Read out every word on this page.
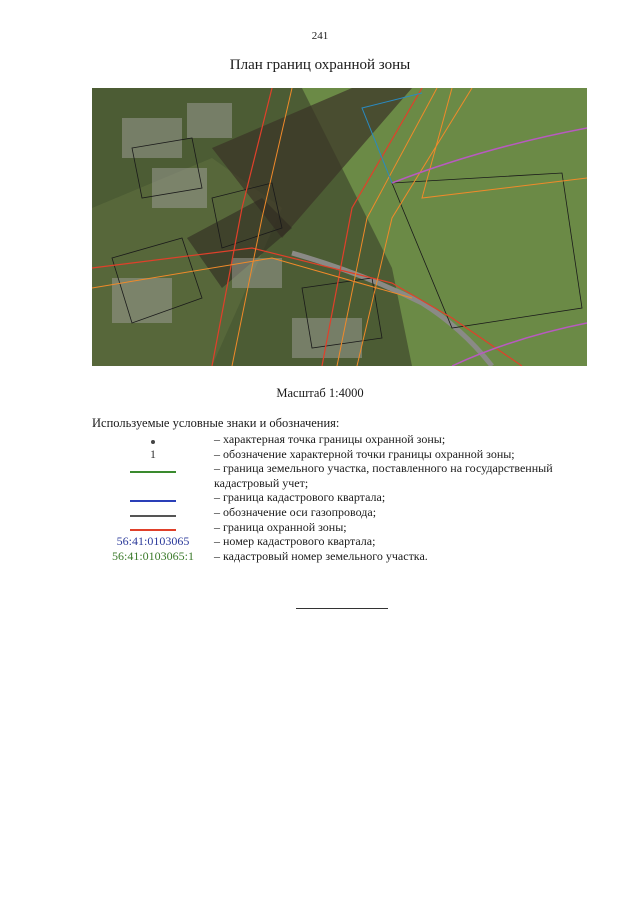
241
План границ охранной зоны
Масштаб 1:4000
Используемые условные знаки и обозначения:
– характерная точка границы охранной зоны;
1	– обозначение характерной точки границы охранной зоны;
– граница земельного участка, поставленного на государственный кадастровый учет;
– граница кадастрового квартала;
– обозначение оси газопровода;
– граница охранной зоны;
56:41:0103065 – номер кадастрового квартала;
56:41:0103065:1 – кадастровый номер земельного участка.
